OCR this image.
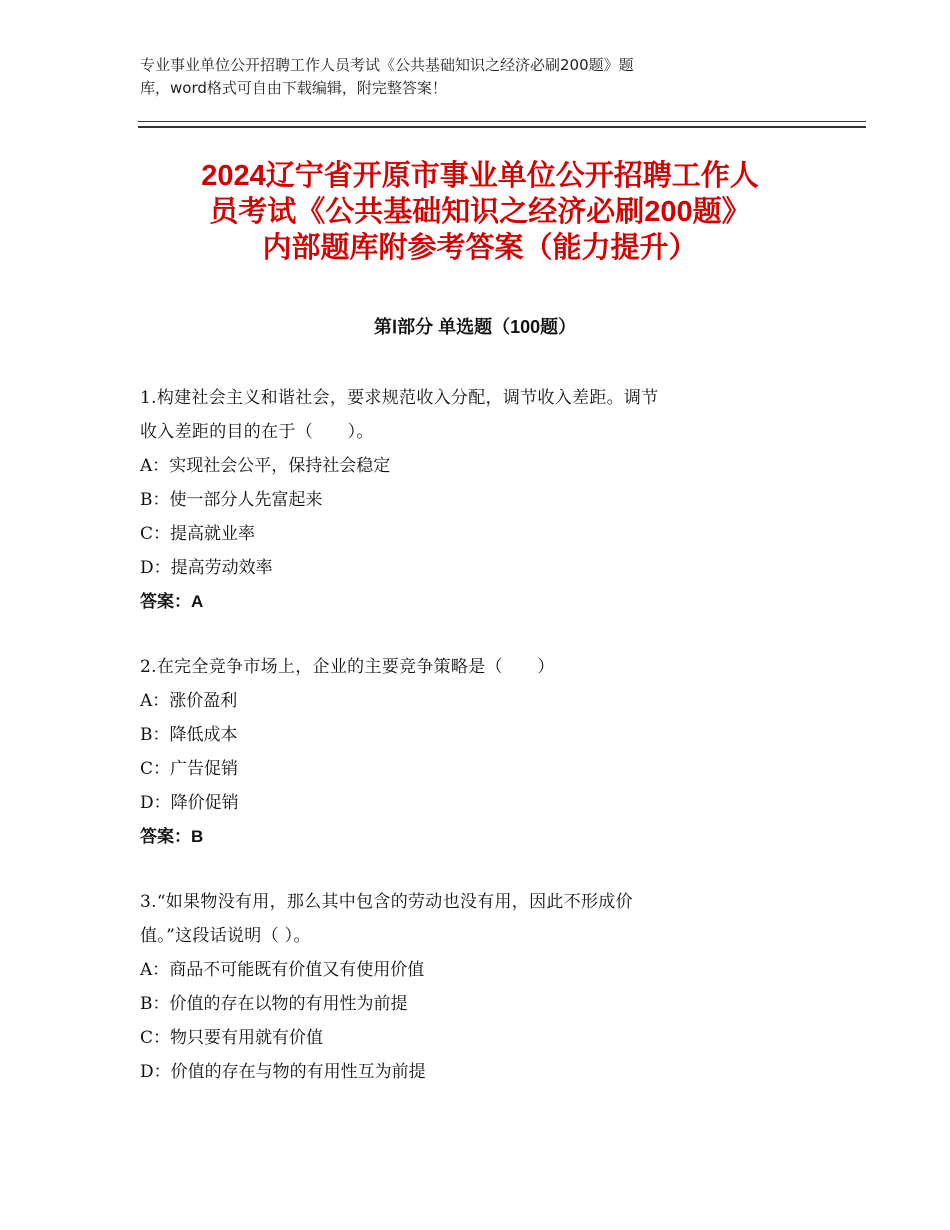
专业事业单位公开招聘工作人员考试《公共基础知识之经济必刷200题》题
库，word格式可自由下载编辑，附完整答案！
2024辽宁省开原市事业单位公开招聘工作人
员考试《公共基础知识之经济必刷200题》
内部题库附参考答案（能力提升）
第Ⅰ部分 单选题（100题）
1.构建社会主义和谐社会，要求规范收入分配，调节收入差距。调节
收入差距的目的在于（　　）。
A：实现社会公平，保持社会稳定
B：使一部分人先富起来
C：提高就业率
D：提高劳动效率
答案：A
2.在完全竞争市场上，企业的主要竞争策略是（　　）
A：涨价盈利
B：降低成本
C：广告促销
D：降价促销
答案：B
3.“如果物没有用，那么其中包含的劳动也没有用，因此不形成价
值。”这段话说明（ ）。
A：商品不可能既有价值又有使用价值
B：价值的存在以物的有用性为前提
C：物只要有用就有价值
D：价值的存在与物的有用性互为前提
